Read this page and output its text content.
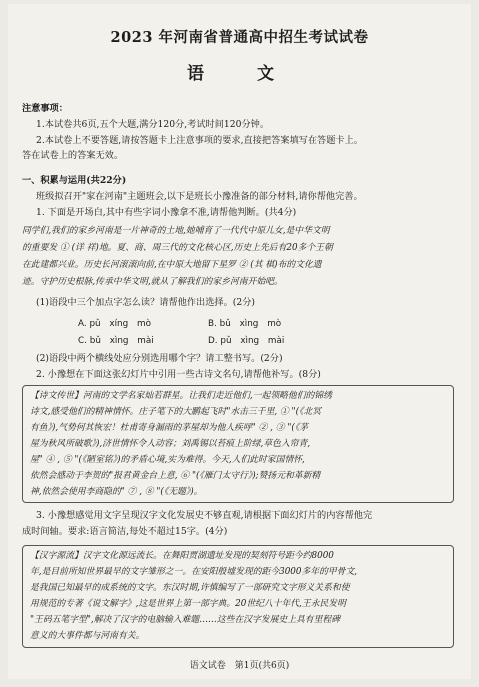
2023 年河南省普通高中招生考试试卷
语　文
注意事项：
1.本试卷共6页,五个大题,满分120分,考试时间120分钟。
2.本试卷上不要答题,请按答题卡上注意事项的要求,直接把答案填写在答题卡上。
答在试卷上的答案无效。
一、积累与运用(共22分)
班级拟召开"家在河南"主题班会,以下是班长小豫准备的部分材料,请你帮他完善。
1. 下面是开场白,其中有些字词小豫拿不准,请帮他判断。(共4分)
同学们,我们的家乡河南是一片神奇的土地,她哺育了一代代中原儿女,是中华文明
的重要发 ① (详 祥)地。夏、商、周三代的文化核心区,历史上先后有20多个王朝
在此建都兴业。历史长河滚滚向前,在中原大地留下星罗 ② (其 棋)布的文化遗
迹。守护历史根脉,传承中华文明,就从了解我们的家乡河南开始吧。
(1)语段中三个加点字怎么读？请帮他作出选择。(2分)
A. pǔ　xíng　mò	B. bǔ　xìng　mò
C. bǔ　xìng　mài	D. pǔ　xìng　mài
(2)语段中两个横线处应分别选用哪个字？请工整书写。(2分)
2. 小豫想在下面这张幻灯片中引用一些古诗文名句,请帮他补写。(8分)
【诗文传世】河南的文学名家灿若群星。让我们走近他们,一起领略他们的锦绣
诗文,感受他们的精神情怀。庄子笔下的大鹏起飞时"水击三千里, ① "(《北冥
有鱼》),气势何其恢宏！杜甫寄身漏雨的茅屋却为他人疾呼" ② , ③ "(《茅
屋为秋风所破歌》),济世情怀令人动容；刘禹锡以苔痕上阶绿,草色入帘青,
屋" ④ , ⑤ "(《陋室铭》)的矛盾心境,实为难得。今天,人们此时家国情怀,
依然会感动于李贺的"报君黄金台上意, ⑥ "(《雁门太守行》);赞扬元和革新精
神,依然会使用李商隐的" ⑦ , ⑧ "(《无题》)。
3. 小豫想感觉用文字呈现汉字文化发展史不够直观,请根据下面幻灯片的内容帮他完
成时间轴。要求:语言简洁,每处不超过15字。(4分)
【汉字源流】汉字文化源远流长。在舞阳贾湖遗址发现的契刻符号距今约8000
年,是目前所知世界最早的文字雏形之一。在安阳殷墟发现的距今3000多年的甲骨文,
是我国已知最早的成系统的文字。东汉时期,许慎编写了一部研究文字形义关系和使
用规范的专著《说文解字》,这是世界上第一部字典。20世纪八十年代,王永民发明
"王码五笔字型",解决了汉字的电脑输入难题……这些在汉字发展史上具有里程碑
意义的大事件都与河南有关。
语文试卷　第1页(共6页)
